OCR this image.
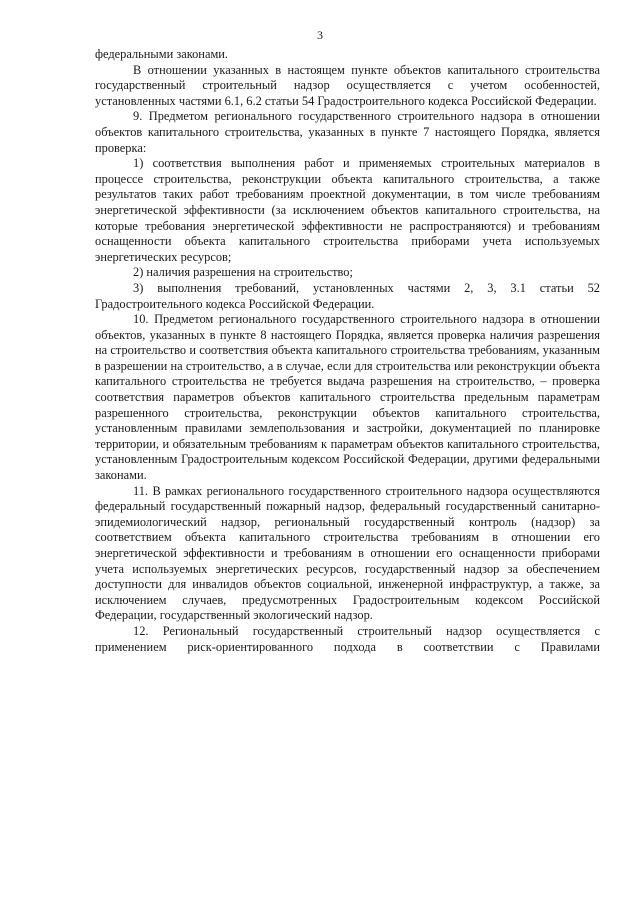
3

федеральными законами.

В отношении указанных в настоящем пункте объектов капитального строительства государственный строительный надзор осуществляется с учетом особенностей, установленных частями 6.1, 6.2 статьи 54 Градостроительного кодекса Российской Федерации.

9. Предметом регионального государственного строительного надзора в отношении объектов капитального строительства, указанных в пункте 7 настоящего Порядка, является проверка:

1) соответствия выполнения работ и применяемых строительных материалов в процессе строительства, реконструкции объекта капитального строительства, а также результатов таких работ требованиям проектной документации, в том числе требованиям энергетической эффективности (за исключением объектов капитального строительства, на которые требования энергетической эффективности не распространяются) и требованиям оснащенности объекта капитального строительства приборами учета используемых энергетических ресурсов;

2) наличия разрешения на строительство;

3) выполнения требований, установленных частями 2, 3, 3.1 статьи 52 Градостроительного кодекса Российской Федерации.

10. Предметом регионального государственного строительного надзора в отношении объектов, указанных в пункте 8 настоящего Порядка, является проверка наличия разрешения на строительство и соответствия объекта капитального строительства требованиям, указанным в разрешении на строительство, а в случае, если для строительства или реконструкции объекта капитального строительства не требуется выдача разрешения на строительство, – проверка соответствия параметров объектов капитального строительства предельным параметрам разрешенного строительства, реконструкции объектов капитального строительства, установленным правилами землепользования и застройки, документацией по планировке территории, и обязательным требованиям к параметрам объектов капитального строительства, установленным Градостроительным кодексом Российской Федерации, другими федеральными законами.

11. В рамках регионального государственного строительного надзора осуществляются федеральный государственный пожарный надзор, федеральный государственный санитарно-эпидемиологический надзор, региональный государственный контроль (надзор) за соответствием объекта капитального строительства требованиям в отношении его энергетической эффективности и требованиям в отношении его оснащенности приборами учета используемых энергетических ресурсов, государственный надзор за обеспечением доступности для инвалидов объектов социальной, инженерной инфраструктур, а также, за исключением случаев, предусмотренных Градостроительным кодексом Российской Федерации, государственный экологический надзор.

12. Региональный государственный строительный надзор осуществляется с применением риск-ориентированного подхода в соответствии с Правилами
